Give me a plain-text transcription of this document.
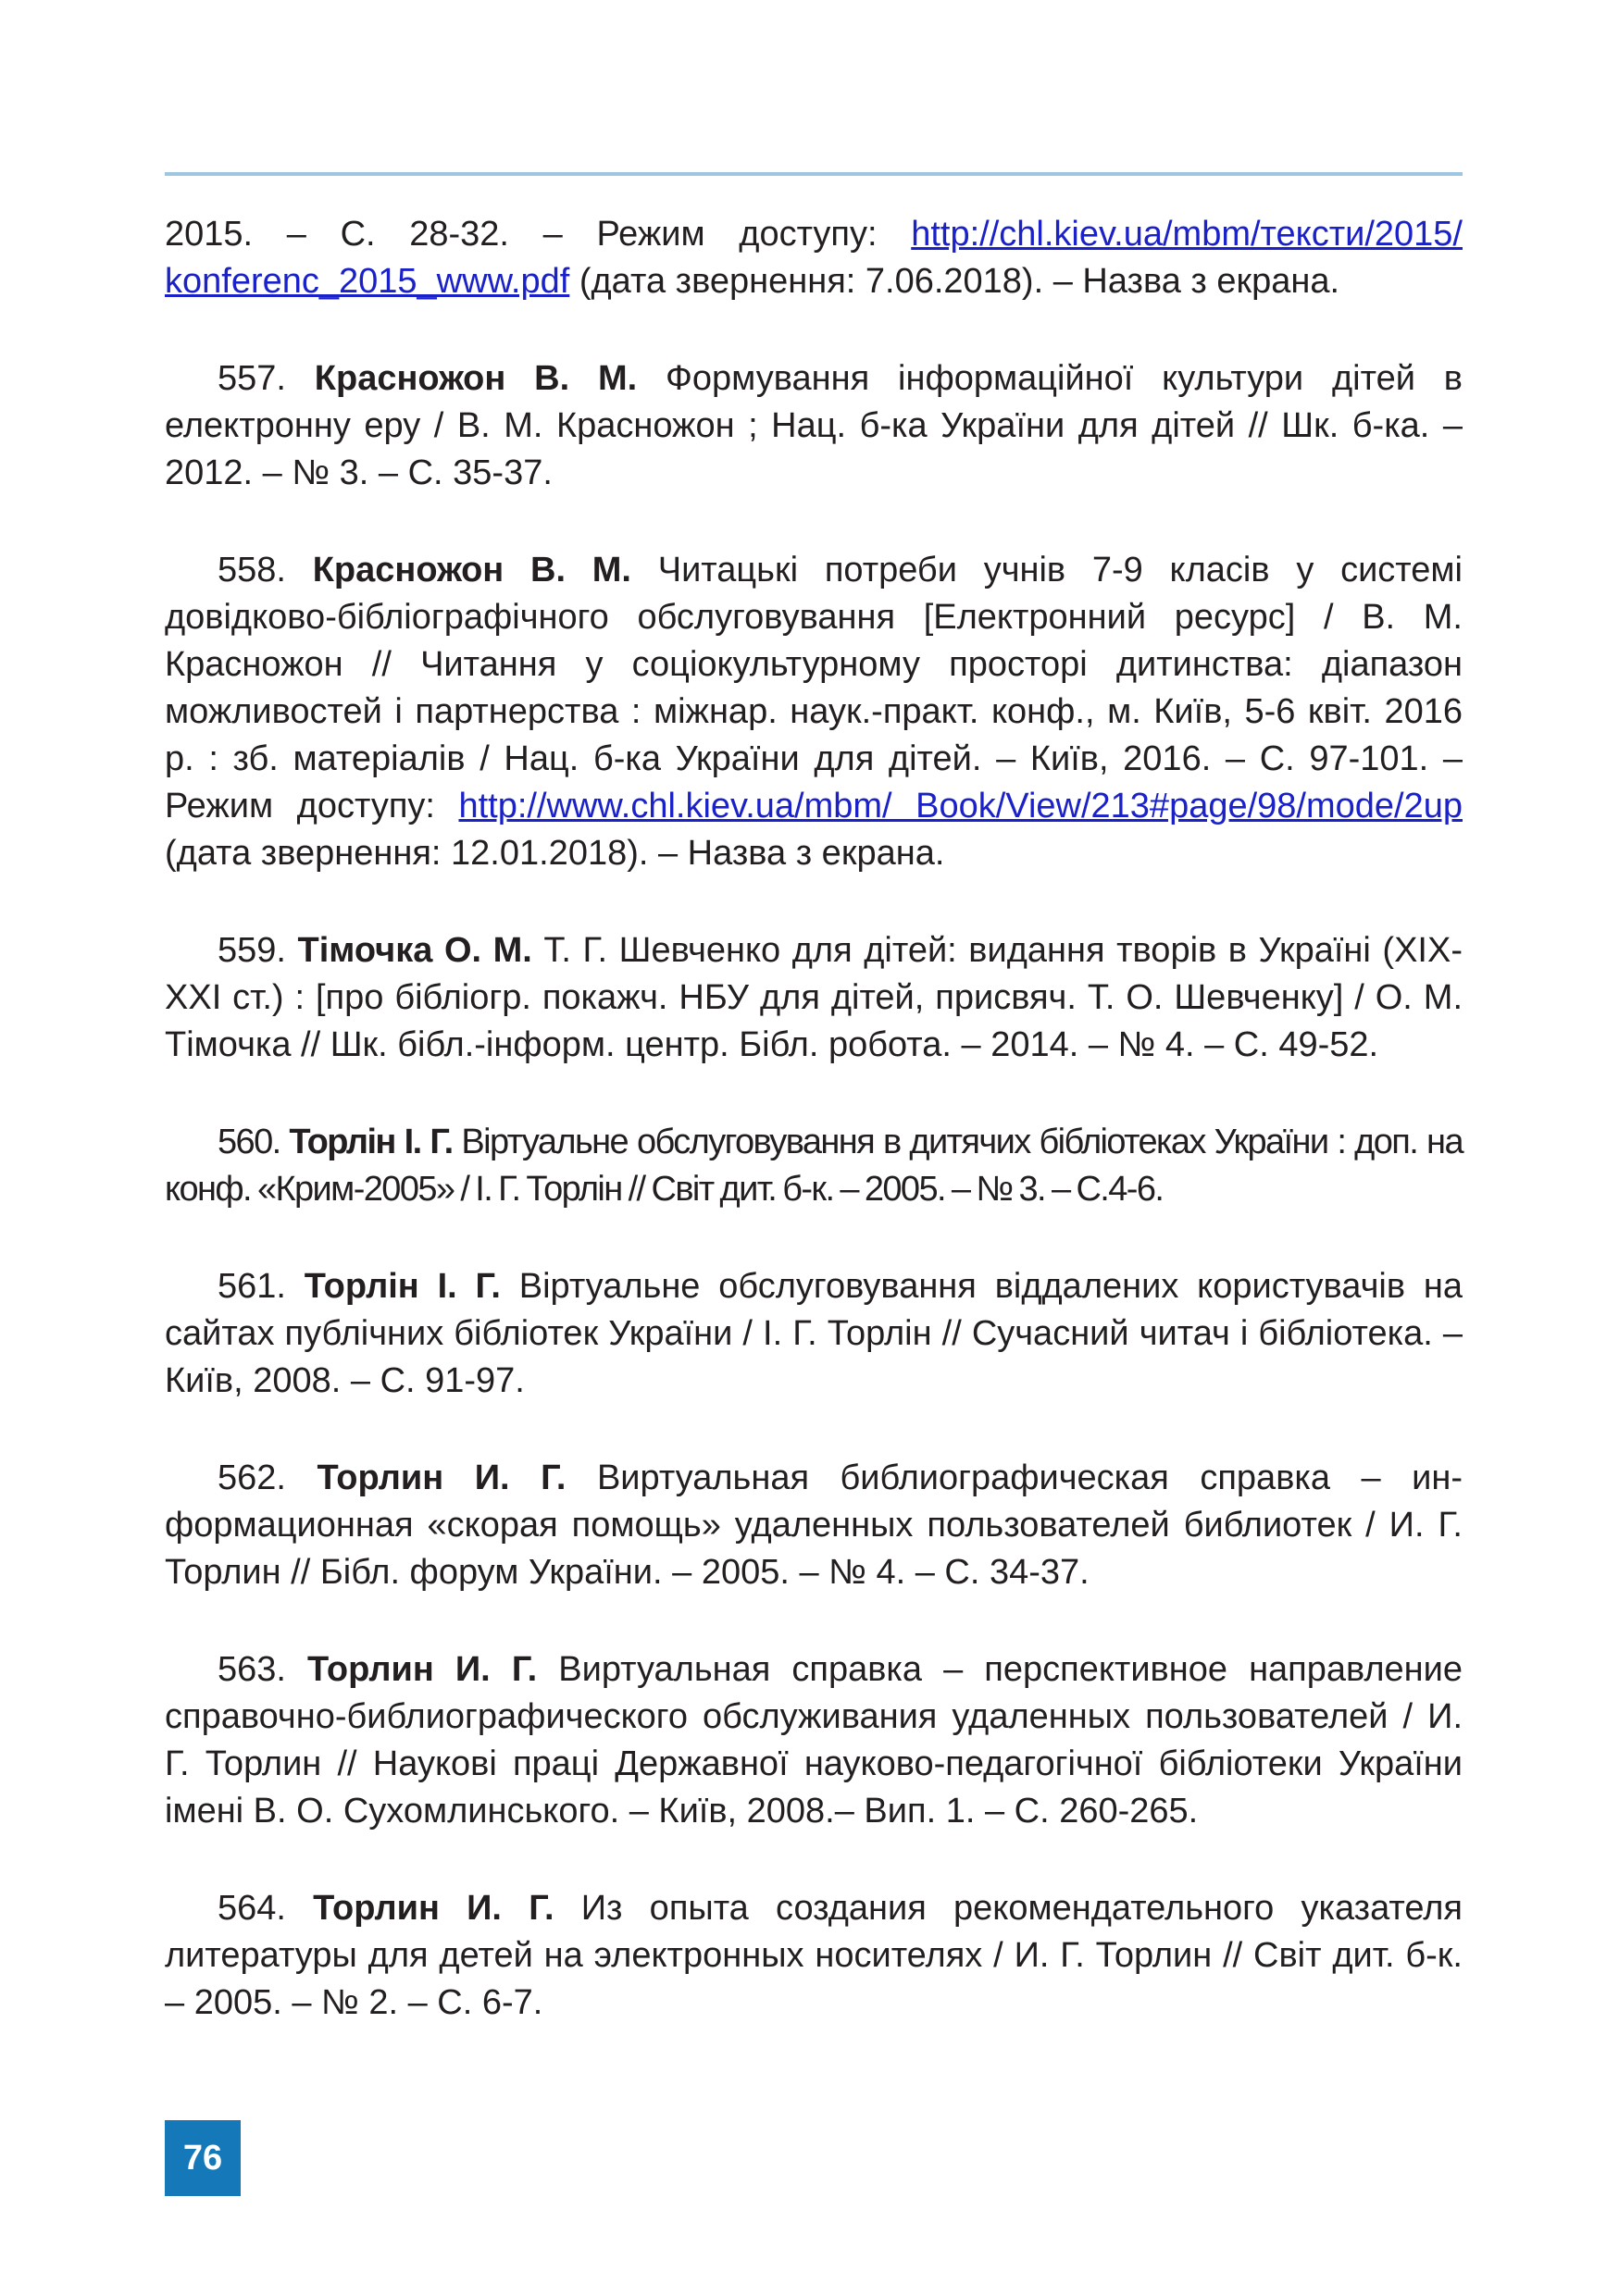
2015. – С. 28-32. – Режим доступу: http://chl.kiev.ua/mbm/тексти/2015/ konferenc_2015_www.pdf (дата звернення: 7.06.2018). – Назва з екрана.

557. Красножон В. М. Формування інформаційної культури дітей в електронну еру / В. М. Красножон ; Нац. б-ка України для дітей // Шк. б-ка. – 2012. – № 3. – С. 35-37.

558. Красножон В. М. Читацькі потреби учнів 7-9 класів у системі довідково-бібліографічного обслуговування [Електронний ресурс] / В. М. Красножон // Читання у соціокультурному просторі дитинства: діапазон можливостей і партнерства : міжнар. наук.-практ. конф., м. Київ, 5-6 квіт. 2016 р. : зб. матеріалів / Нац. б-ка України для дітей. – Київ, 2016. – С. 97-101. – Режим доступу: http://www.chl.kiev.ua/mbm/ Book/View/213#page/98/mode/2up (дата звернення: 12.01.2018). – Назва з екрана.

559. Тімочка О. М. Т. Г. Шевченко для дітей: видання творів в Україні (XIX-XXI ст.) : [про бібліогр. покажч. НБУ для дітей, присвяч. Т. О. Шевченку] / О. М. Тімочка // Шк. бібл.-інформ. центр. Бібл. робота. – 2014. – № 4. – С. 49-52.

560. Торлін І. Г. Віртуальне обслуговування в дитячих бібліотеках України : доп. на конф. «Крим-2005» / І. Г. Торлін // Світ дит. б-к. – 2005. – № 3. – С.4-6.

561. Торлін І. Г. Віртуальне обслуговування віддалених користувачів на сайтах публічних бібліотек України / І. Г. Торлін // Сучасний читач і бібліотека. – Київ, 2008. – С. 91-97.

562. Торлин И. Г. Виртуальная библиографическая справка – информационная «скорая помощь» удаленных пользователей библиотек / И. Г. Торлин // Бібл. форум України. – 2005. – № 4. – С. 34-37.

563. Торлин И. Г. Виртуальная справка – перспективное направление справочно-библиографического обслуживания удаленных пользователей / И. Г. Торлин // Наукові праці Державної науково-педагогічної бібліотеки України імені В. О. Сухомлинського. – Київ, 2008.– Вип. 1. – С. 260-265.

564. Торлин И. Г. Из опыта создания рекомендательного указателя литературы для детей на электронных носителях / И. Г. Торлин // Світ дит. б-к. – 2005. – № 2. – С. 6-7.

76
